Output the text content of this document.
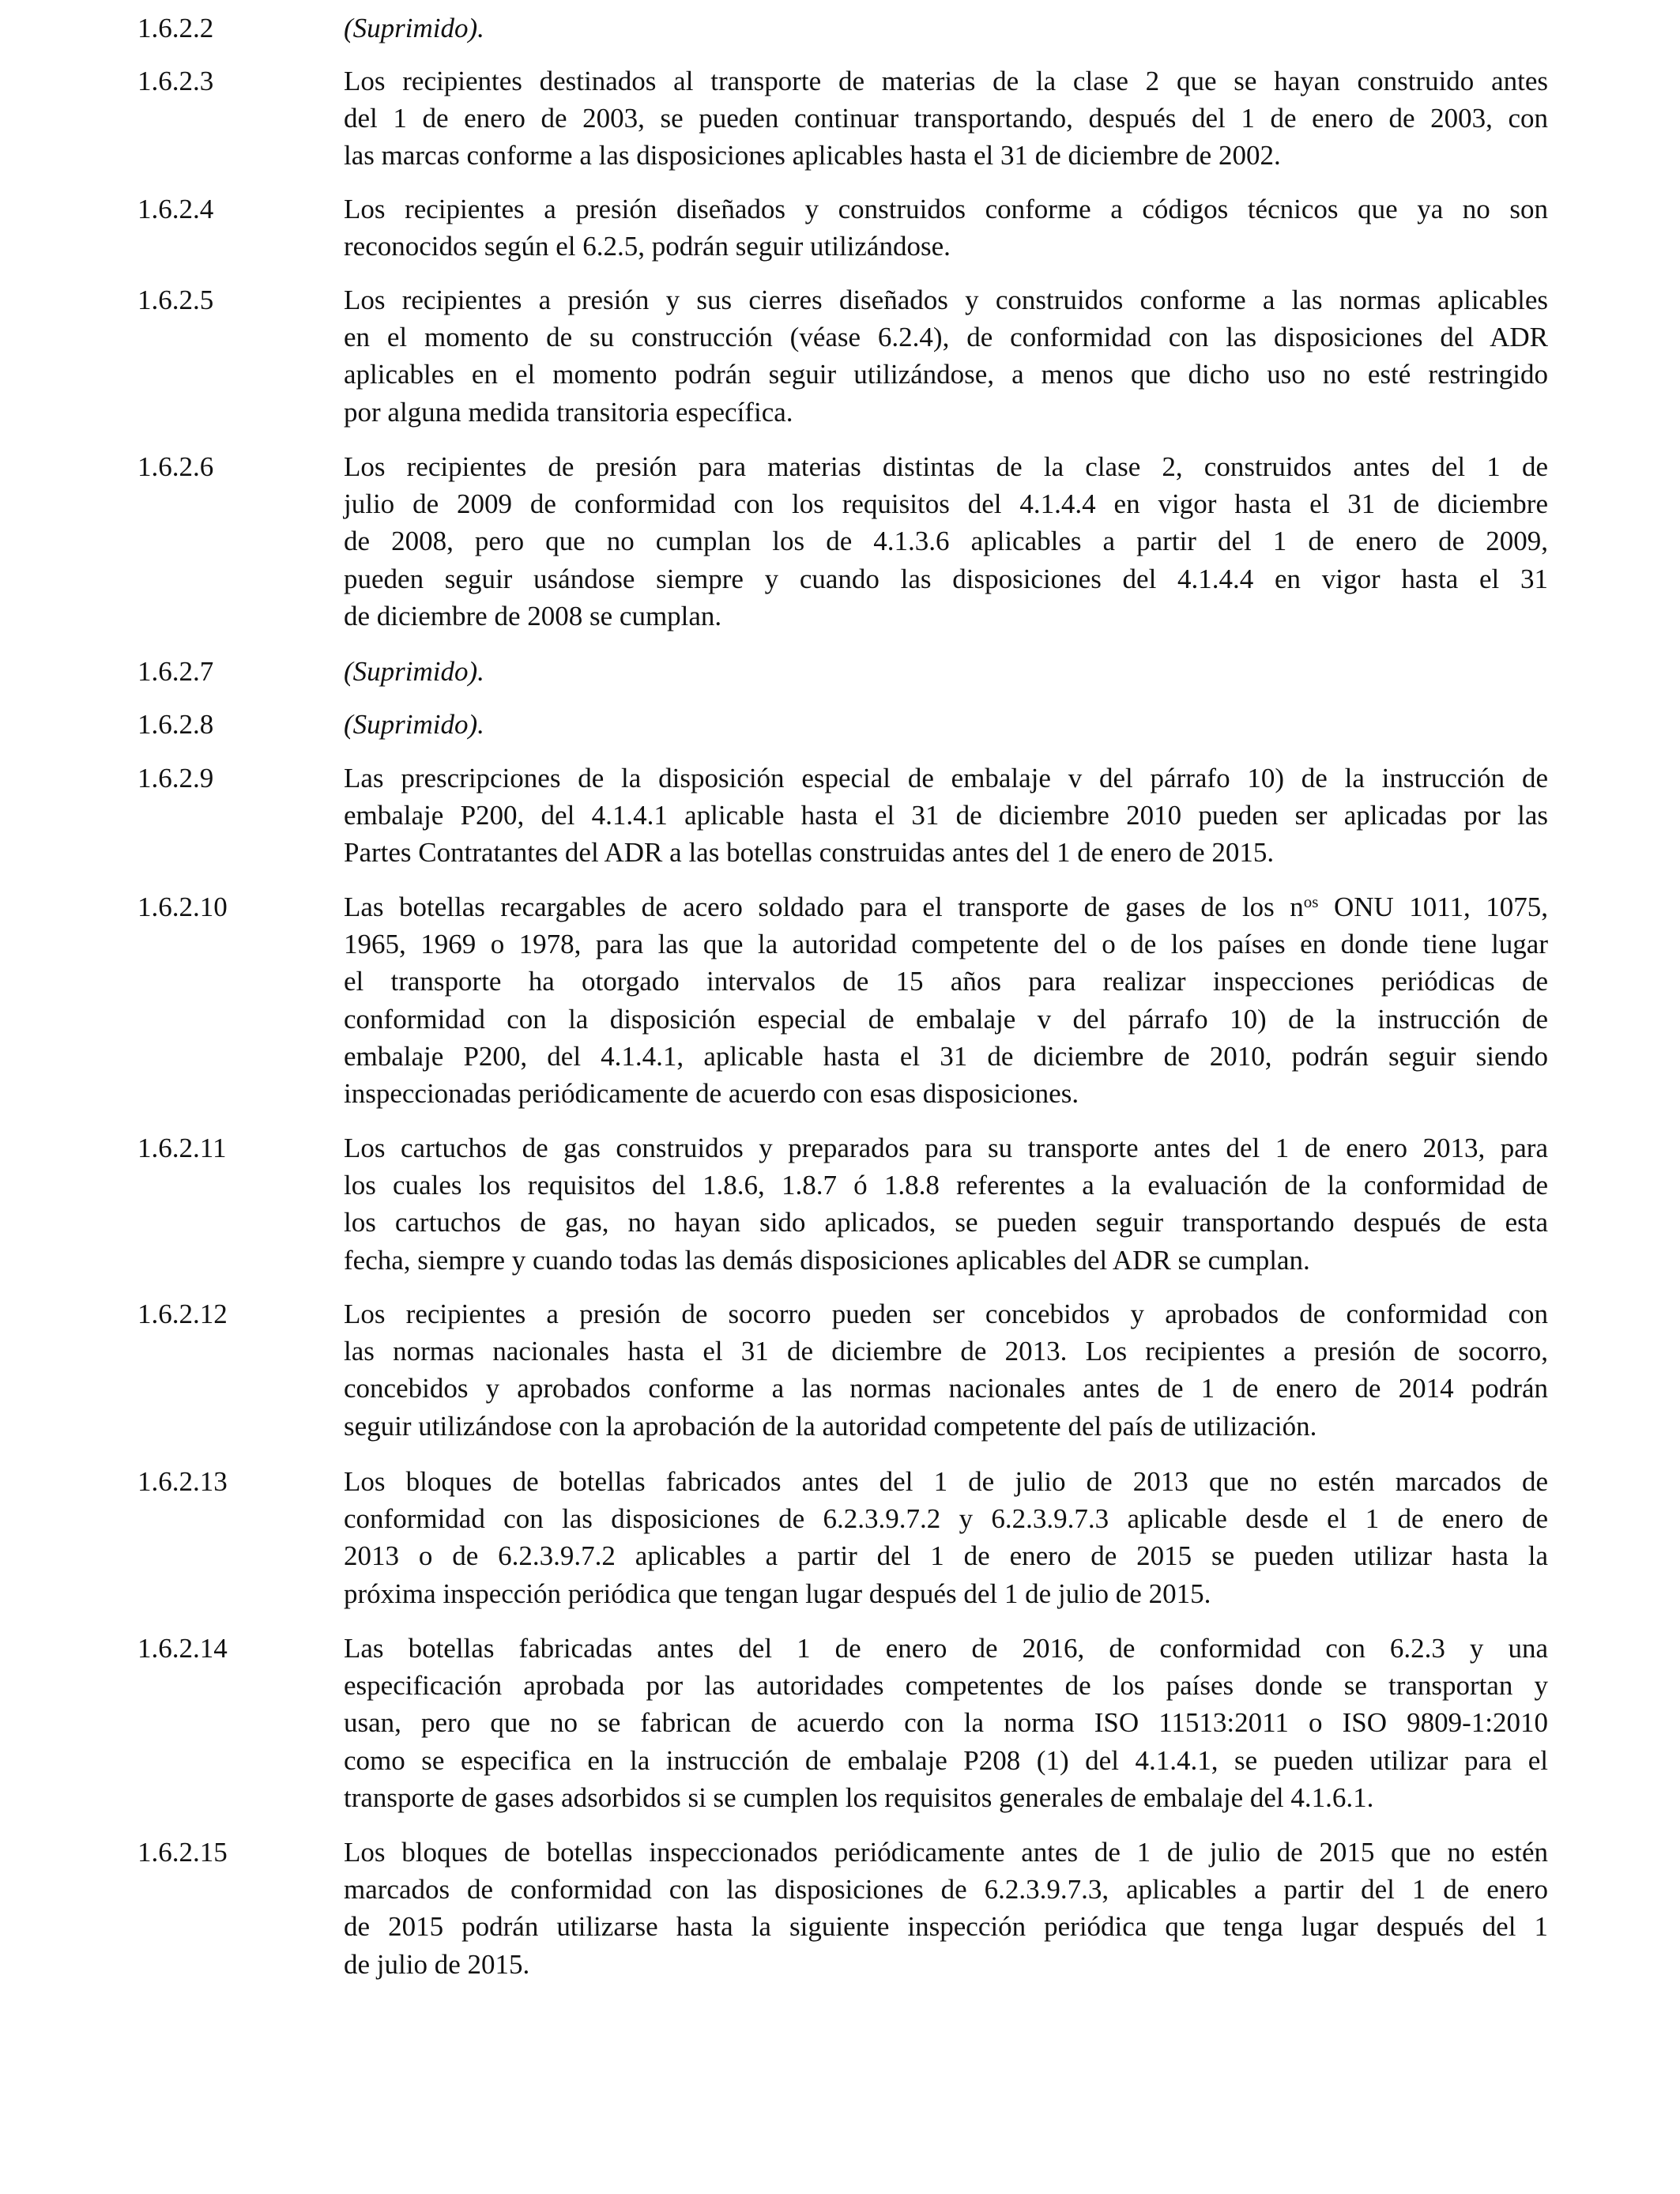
1.6.2.2	(Suprimido).
1.6.2.3	Los recipientes destinados al transporte de materias de la clase 2 que se hayan construido antes
del 1 de enero de 2003, se pueden continuar transportando, después del 1 de enero de 2003, con
las marcas conforme a las disposiciones aplicables hasta el 31 de diciembre de 2002.
1.6.2.4	Los recipientes a presión diseñados y construidos conforme a códigos técnicos que ya no son
reconocidos según el 6.2.5, podrán seguir utilizándose.
1.6.2.5	Los recipientes a presión y sus cierres diseñados y construidos conforme a las normas aplicables
en el momento de su construcción (véase 6.2.4), de conformidad con las disposiciones del ADR
aplicables en el momento podrán seguir utilizándose, a menos que dicho uso no esté restringido
por alguna medida transitoria específica.
1.6.2.6	Los recipientes de presión para materias distintas de la clase 2, construidos antes del 1 de
julio de 2009 de conformidad con los requisitos del 4.1.4.4 en vigor hasta el 31 de diciembre
de 2008, pero que no cumplan los de 4.1.3.6 aplicables a partir del 1 de enero de 2009,
pueden seguir usándose siempre y cuando las disposiciones del 4.1.4.4 en vigor hasta el 31
de diciembre de 2008 se cumplan.
1.6.2.7	(Suprimido).
1.6.2.8	(Suprimido).
1.6.2.9	Las prescripciones de la disposición especial de embalaje v del párrafo 10) de la instrucción de
embalaje P200, del 4.1.4.1 aplicable hasta el 31 de diciembre 2010 pueden ser aplicadas por las
Partes Contratantes del ADR a las botellas construidas antes del 1 de enero de 2015.
1.6.2.10	Las botellas recargables de acero soldado para el transporte de gases de los $n^{os}$ ONU 1011, 1075,
1965, 1969 o 1978, para las que la autoridad competente del o de los países en donde tiene lugar
el transporte ha otorgado intervalos de 15 años para realizar inspecciones periódicas de
conformidad con la disposición especial de embalaje v del párrafo 10) de la instrucción de
embalaje P200, del 4.1.4.1, aplicable hasta el 31 de diciembre de 2010, podrán seguir siendo
inspeccionadas periódicamente de acuerdo con esas disposiciones.
1.6.2.11	Los cartuchos de gas construidos y preparados para su transporte antes del 1 de enero 2013, para
los cuales los requisitos del 1.8.6, 1.8.7 ó 1.8.8 referentes a la evaluación de la conformidad de
los cartuchos de gas, no hayan sido aplicados, se pueden seguir transportando después de esta
fecha, siempre y cuando todas las demás disposiciones aplicables del ADR se cumplan.
1.6.2.12	Los recipientes a presión de socorro pueden ser concebidos y aprobados de conformidad con
las normas nacionales hasta el 31 de diciembre de 2013. Los recipientes a presión de socorro,
concebidos y aprobados conforme a las normas nacionales antes de 1 de enero de 2014 podrán
seguir utilizándose con la aprobación de la autoridad competente del país de utilización.
1.6.2.13	Los bloques de botellas fabricados antes del 1 de julio de 2013 que no estén marcados de
conformidad con las disposiciones de 6.2.3.9.7.2 y 6.2.3.9.7.3 aplicable desde el 1 de enero de
2013 o de 6.2.3.9.7.2 aplicables a partir del 1 de enero de 2015 se pueden utilizar hasta la
próxima inspección periódica que tengan lugar después del 1 de julio de 2015.
1.6.2.14	Las botellas fabricadas antes del 1 de enero de 2016, de conformidad con 6.2.3 y una
especificación aprobada por las autoridades competentes de los países donde se transportan y
usan, pero que no se fabrican de acuerdo con la norma ISO 11513:2011 o ISO 9809-1:2010
como se especifica en la instrucción de embalaje P208 (1) del 4.1.4.1, se pueden utilizar para el
transporte de gases adsorbidos si se cumplen los requisitos generales de embalaje del 4.1.6.1.
1.6.2.15	Los bloques de botellas inspeccionados periódicamente antes de 1 de julio de 2015 que no estén
marcados de conformidad con las disposiciones de 6.2.3.9.7.3, aplicables a partir del 1 de enero
de 2015 podrán utilizarse hasta la siguiente inspección periódica que tenga lugar después del 1
de julio de 2015.
